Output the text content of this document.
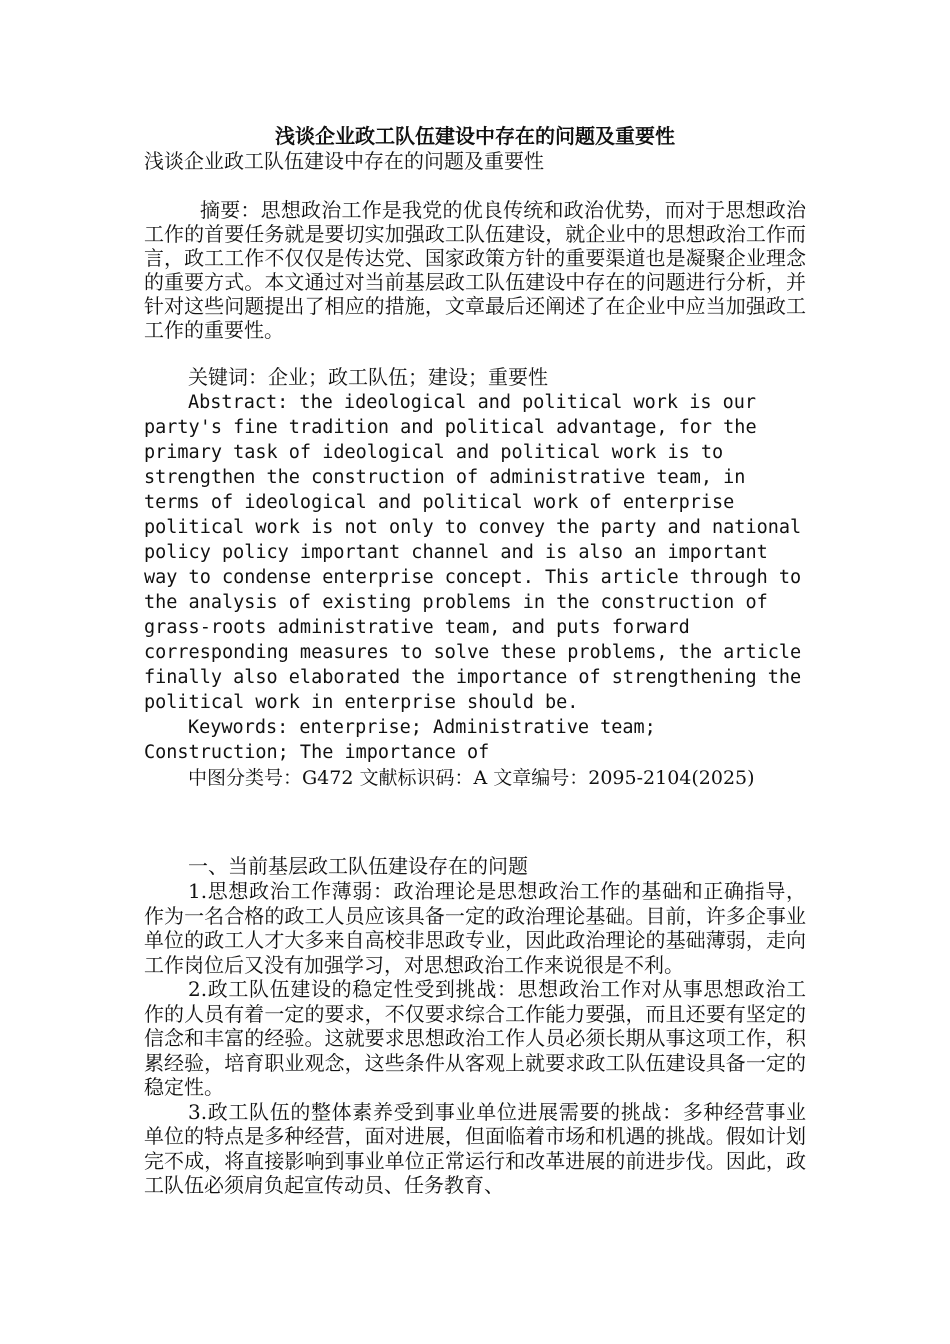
浅谈企业政工队伍建设中存在的问题及重要性

浅谈企业政工队伍建设中存在的问题及重要性

摘要：思想政治工作是我党的优良传统和政治优势，而对于思想政治工作的首要任务就是要切实加强政工队伍建设，就企业中的思想政治工作而言，政工工作不仅仅是传达党、国家政策方针的重要渠道也是凝聚企业理念的重要方式。本文通过对当前基层政工队伍建设中存在的问题进行分析，并针对这些问题提出了相应的措施，文章最后还阐述了在企业中应当加强政工工作的重要性。

关键词：企业；政工队伍；建设；重要性

Abstract: the ideological and political work is our party's fine tradition and political advantage, for the primary task of ideological and political work is to strengthen the construction of administrative team, in terms of ideological and political work of enterprise political work is not only to convey the party and national policy policy important channel and is also an important way to condense enterprise concept. This article through to the analysis of existing problems in the construction of grass-roots administrative team, and puts forward corresponding measures to solve these problems, the article finally also elaborated the importance of strengthening the political work in enterprise should be.

Keywords: enterprise; Administrative team; Construction; The importance of

中图分类号：G472 文献标识码：A 文章编号：2095-2104(2025)

一、当前基层政工队伍建设存在的问题

1.思想政治工作薄弱：政治理论是思想政治工作的基础和正确指导，作为一名合格的政工人员应该具备一定的政治理论基础。目前，许多企事业单位的政工人才大多来自高校非思政专业，因此政治理论的基础薄弱，走向工作岗位后又没有加强学习，对思想政治工作来说很是不利。

2.政工队伍建设的稳定性受到挑战：思想政治工作对从事思想政治工作的人员有着一定的要求，不仅要求综合工作能力要强，而且还要有坚定的信念和丰富的经验。这就要求思想政治工作人员必须长期从事这项工作，积累经验，培育职业观念，这些条件从客观上就要求政工队伍建设具备一定的稳定性。

3.政工队伍的整体素养受到事业单位进展需要的挑战：多种经营事业单位的特点是多种经营，面对进展，但面临着市场和机遇的挑战。假如计划完不成，将直接影响到事业单位正常运行和改革进展的前进步伐。因此，政工队伍必须肩负起宣传动员、任务教育、
